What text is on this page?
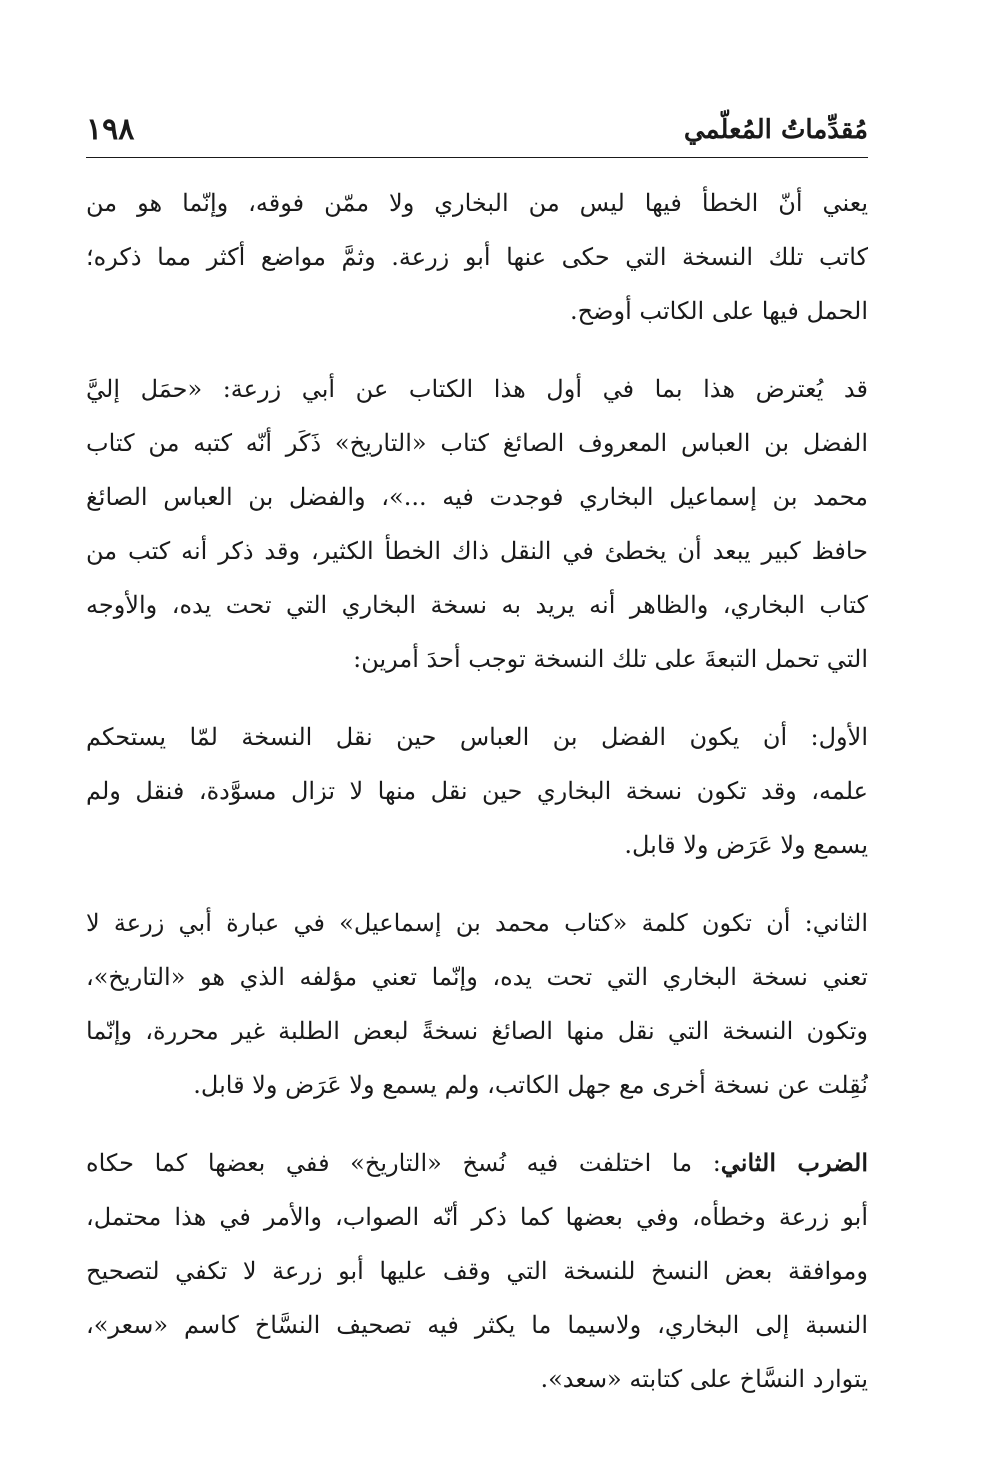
١٩٨	مُقدِّماتُ المُعلّمي

يعني أنّ الخطأ فيها ليس من البخاري ولا ممّن فوقه، وإنّما هو من
كاتب تلك النسخة التي حكى عنها أبو زرعة. وثمَّ مواضع أكثر مما ذكره؛
الحمل فيها على الكاتب أوضح.

قد يُعترض هذا بما في أول هذا الكتاب عن أبي زرعة: «حمَل إليَّ
الفضل بن العباس المعروف الصائغ كتاب «التاريخ» ذَكَر أنّه كتبه من كتاب
محمد بن إسماعيل البخاري فوجدت فيه ...»، والفضل بن العباس الصائغ
حافظ كبير يبعد أن يخطئ في النقل ذاك الخطأ الكثير، وقد ذكر أنه كتب من
كتاب البخاري، والظاهر أنه يريد به نسخة البخاري التي تحت يده، والأوجه
التي تحمل التبعةَ على تلك النسخة توجب أحدَ أمرين:

الأول: أن يكون الفضل بن العباس حين نقل النسخة لمّا يستحكم
علمه، وقد تكون نسخة البخاري حين نقل منها لا تزال مسوَّدة، فنقل ولم
يسمع ولا عَرَض ولا قابل.

الثاني: أن تكون كلمة «كتاب محمد بن إسماعيل» في عبارة أبي زرعة لا
تعني نسخة البخاري التي تحت يده، وإنّما تعني مؤلفه الذي هو «التاريخ»،
وتكون النسخة التي نقل منها الصائغ نسخةً لبعض الطلبة غير محررة، وإنّما
نُقِلت عن نسخة أخرى مع جهل الكاتب، ولم يسمع ولا عَرَض ولا قابل.

الضرب الثاني: ما اختلفت فيه نُسخ «التاريخ» ففي بعضها كما حكاه
أبو زرعة وخطأه، وفي بعضها كما ذكر أنّه الصواب، والأمر في هذا محتمل،
وموافقة بعض النسخ للنسخة التي وقف عليها أبو زرعة لا تكفي لتصحيح
النسبة إلى البخاري، ولاسيما ما يكثر فيه تصحيف النسَّاخ كاسم «سعر»،
يتوارد النسَّاخ على كتابته «سعد».
